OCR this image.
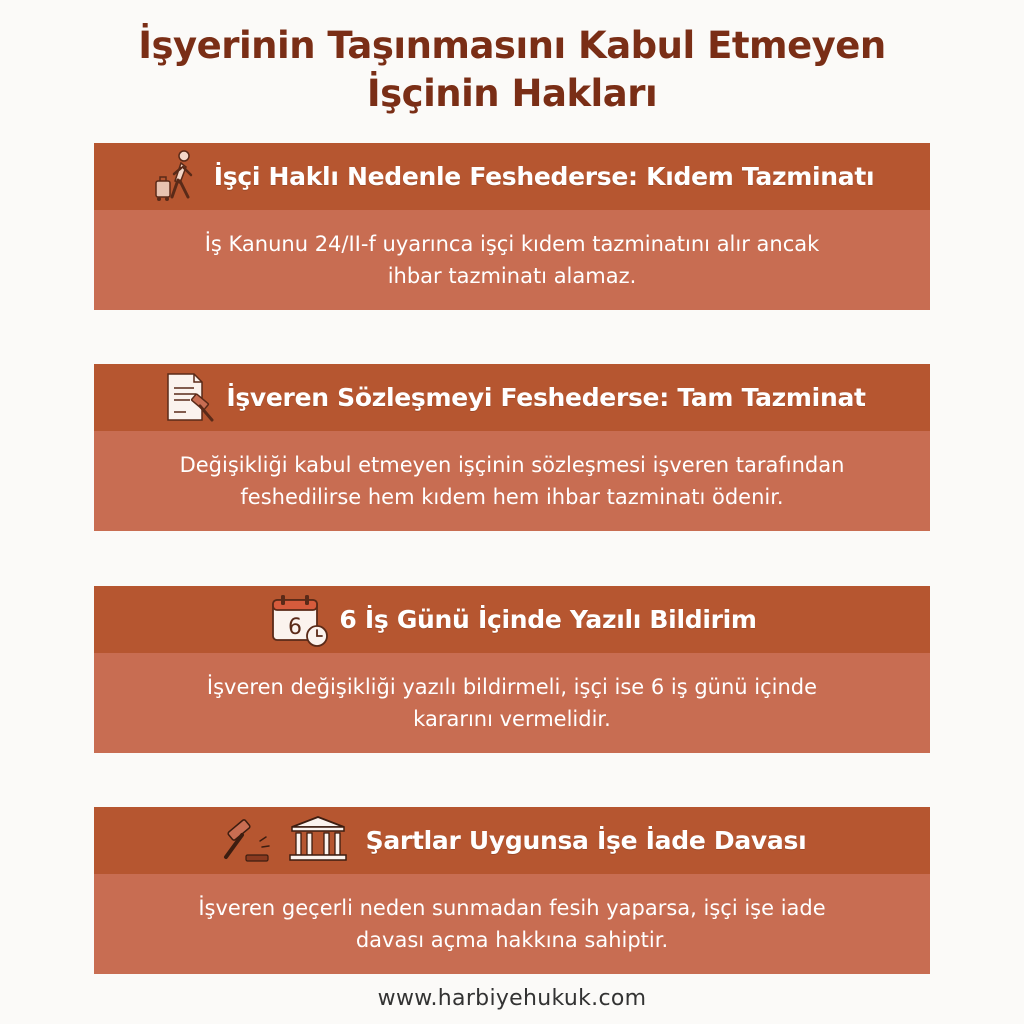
İşyerinin Taşınmasını Kabul Etmeyen
İşçinin Hakları
İşçi Haklı Nedenle Feshederse: Kıdem Tazminatı
İş Kanunu 24/II-f uyarınca işçi kıdem tazminatını alır ancak
ihbar tazminatı alamaz.
İşveren Sözleşmeyi Feshederse: Tam Tazminat
Değişikliği kabul etmeyen işçinin sözleşmesi işveren tarafından
feshedilirse hem kıdem hem ihbar tazminatı ödenir.
6 6 İş Günü İçinde Yazılı Bildirim
İşveren değişikliği yazılı bildirmeli, işçi ise 6 iş günü içinde
kararını vermelidir.
Şartlar Uygunsa İşe İade Davası
İşveren geçerli neden sunmadan fesih yaparsa, işçi işe iade
davası açma hakkına sahiptir.
www.harbiyehukuk.com
